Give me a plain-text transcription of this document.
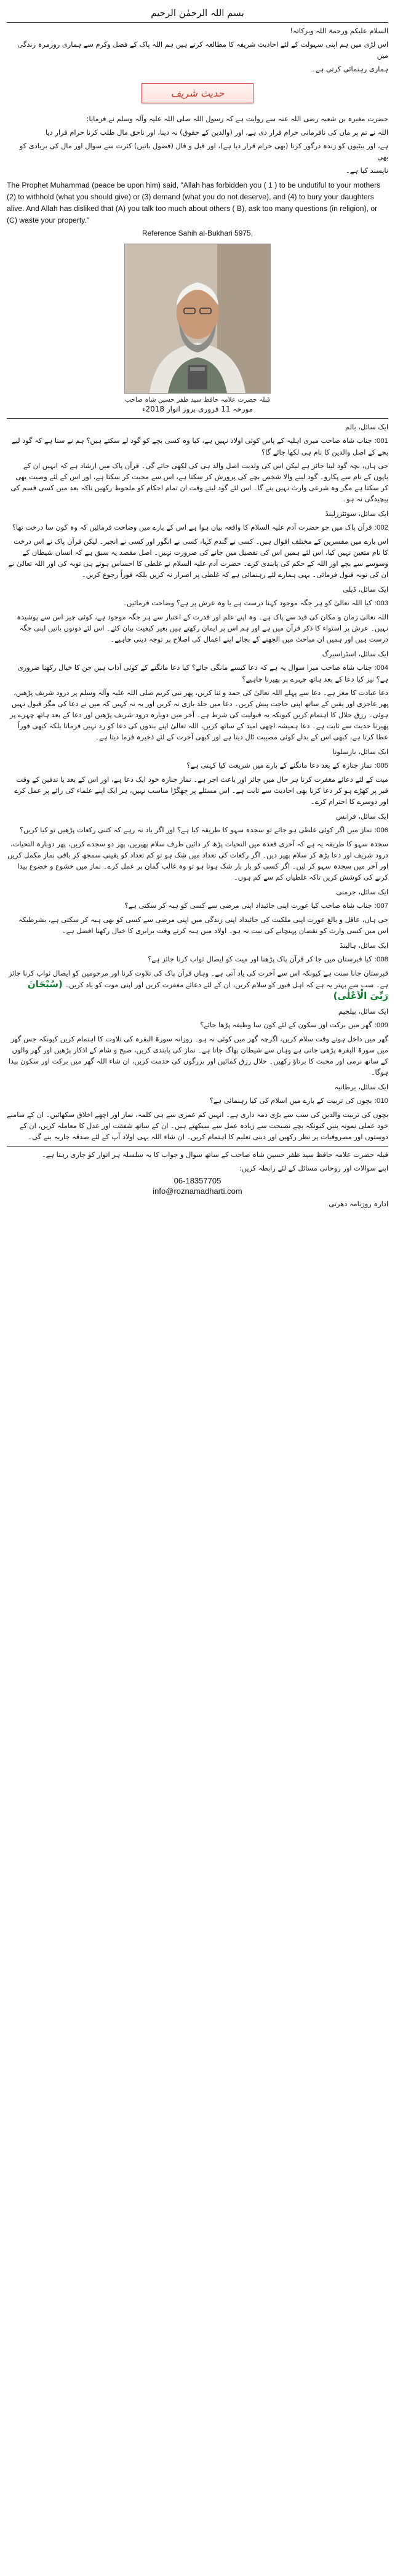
بسم اللہ الرحمٰن الرحیم

السلام علیکم ورحمۃ اللہ وبرکاتہ!

اس لڑی میں ہم اپنی سہولت کے لئے احادیث شریفہ کا مطالعہ کرتے ہیں ہم اللہ پاک کے فضل وکرم سے ہماری روزمرہ زندگی میں

ہماری رہنمائی کرتی ہے۔

حدیث شریف

حضرت مغیرہ بن شعبہ رضی اللہ عنہ سے روایت ہے کہ رسول اللہ صلی اللہ علیہ وآلہ وسلم نے فرمایا:

اللہ نے تم پر ماں کی نافرمانی حرام قرار دی ہے، اور (والدین کے حقوق) نہ دینا، اور ناحق مال طلب کرنا حرام قرار دیا

ہے، اور بیٹیوں کو زندہ درگور کرنا (بھی حرام قرار دیا ہے)، اور قیل و قال (فضول باتیں) کثرت سے سوال اور مال کی بربادی کو بھی

ناپسند کیا ہے۔

The Prophet Muhammad (peace be upon him) said, "Allah has forbidden you ( 1 ) to be undutiful to your mothers (2) to withhold (what you should give) or (3) demand (what you do not deserve), and (4) to bury your daughters alive. And Allah has disliked that (A) you talk too much about others ( B), ask too many questions (in religion), or (C) waste your property."

Reference Sahih al-Bukhari 5975,
قبلہ حضرت علامہ حافظ سید ظفر حسین شاہ صاحب
مورخہ 11 فروری بروز اتوار 2018ء

ایک سائل، بالم

001: جناب شاہ صاحب میری اہلیہ کے پاس کوئی اولاد نہیں ہے، کیا وہ کسی بچے کو گود لے سکتے ہیں؟ ہم نے سنا ہے کہ گود لیے بچے کے اصل والدین کا نام ہی لکھا جائے گا؟

جی ہاں، بچہ گود لینا جائز ہے لیکن اس کی ولدیت اصل والد ہی کی لکھی جائے گی۔ قرآن پاک میں ارشاد ہے کہ انہیں ان کے باپوں کے نام سے پکارو۔ گود لینے والا شخص بچے کی پرورش کر سکتا ہے، اس سے محبت کر سکتا ہے، اور اس کے لئے وصیت بھی کر سکتا ہے مگر وہ شرعی وارث نہیں بنے گا۔ اس لئے گود لیتے وقت ان تمام احکام کو ملحوظ رکھیں تاکہ بعد میں کسی قسم کی پیچیدگی نہ ہو۔

ایک سائل، سوئٹزرلینڈ

002: قرآن پاک میں جو حضرت آدم علیہ السلام کا واقعہ بیان ہوا ہے اس کے بارے میں وضاحت فرمائیں کہ وہ کون سا درخت تھا؟

اس بارے میں مفسرین کے مختلف اقوال ہیں۔ کسی نے گندم کہا، کسی نے انگور اور کسی نے انجیر۔ لیکن قرآن پاک نے اس درخت کا نام متعین نہیں کیا، اس لئے ہمیں اس کی تفصیل میں جانے کی ضرورت نہیں۔ اصل مقصد یہ سبق ہے کہ انسان شیطان کے وسوسے سے بچے اور اللہ کے حکم کی پابندی کرے۔ حضرت آدم علیہ السلام نے غلطی کا احساس ہوتے ہی توبہ کی اور اللہ تعالیٰ نے ان کی توبہ قبول فرمائی۔ یہی ہمارے لئے رہنمائی ہے کہ غلطی پر اصرار نہ کریں بلکہ فوراً رجوع کریں۔

ایک سائل، ڈیلی

003: کیا اللہ تعالیٰ کو ہر جگہ موجود کہنا درست ہے یا وہ عرش پر ہے؟ وضاحت فرمائیں۔

اللہ تعالیٰ زمان و مکان کی قید سے پاک ہے۔ وہ اپنے علم اور قدرت کے اعتبار سے ہر جگہ موجود ہے، کوئی چیز اس سے پوشیدہ نہیں۔ عرش پر استواء کا ذکر قرآن میں ہے اور ہم اس پر ایمان رکھتے ہیں بغیر کیفیت بیان کئے۔ اس لئے دونوں باتیں اپنی جگہ درست ہیں اور ہمیں ان مباحث میں الجھنے کے بجائے اپنے اعمال کی اصلاح پر توجہ دینی چاہیے۔

ایک سائل، اسٹراسبرگ

004: جناب شاہ صاحب میرا سوال یہ ہے کہ دعا کیسے مانگی جائے؟ کیا دعا مانگنے کے کوئی آداب ہیں جن کا خیال رکھنا ضروری ہے؟ نیز کیا دعا کے بعد ہاتھ چہرے پر پھیرنا چاہیے؟

دعا عبادت کا مغز ہے۔ دعا سے پہلے اللہ تعالیٰ کی حمد و ثنا کریں، پھر نبی کریم صلی اللہ علیہ وآلہ وسلم پر درود شریف پڑھیں، پھر عاجزی اور یقین کے ساتھ اپنی حاجت پیش کریں۔ دعا میں جلد بازی نہ کریں اور یہ نہ کہیں کہ میں نے دعا کی مگر قبول نہیں ہوئی۔ رزق حلال کا اہتمام کریں کیونکہ یہ قبولیت کی شرط ہے۔ آخر میں دوبارہ درود شریف پڑھیں اور دعا کے بعد ہاتھ چہرے پر پھیرنا حدیث سے ثابت ہے۔ دعا ہمیشہ اچھی امید کے ساتھ کریں، اللہ تعالیٰ اپنے بندوں کی دعا کو رد نہیں فرماتا بلکہ کبھی فوراً عطا کرتا ہے، کبھی اس کے بدلے کوئی مصیبت ٹال دیتا ہے اور کبھی آخرت کے لئے ذخیرہ فرما دیتا ہے۔

ایک سائل، بارسلونا

005: نماز جنازہ کے بعد دعا مانگنے کے بارے میں شریعت کیا کہتی ہے؟

میت کے لئے دعائے مغفرت کرنا ہر حال میں جائز اور باعث اجر ہے۔ نماز جنازہ خود ایک دعا ہے، اور اس کے بعد یا تدفین کے وقت قبر پر کھڑے ہو کر دعا کرنا بھی احادیث سے ثابت ہے۔ اس مسئلے پر جھگڑا مناسب نہیں، ہر ایک اپنے علماء کی رائے پر عمل کرے اور دوسرے کا احترام کرے۔

ایک سائل، فرانس

006: نماز میں اگر کوئی غلطی ہو جائے تو سجدہ سہو کا طریقہ کیا ہے؟ اور اگر یاد نہ رہے کہ کتنی رکعات پڑھیں تو کیا کریں؟

سجدہ سہو کا طریقہ یہ ہے کہ آخری قعدہ میں التحیات پڑھ کر دائیں طرف سلام پھیریں، پھر دو سجدے کریں، پھر دوبارہ التحیات، درود شریف اور دعا پڑھ کر سلام پھیر دیں۔ اگر رکعات کی تعداد میں شک ہو تو کم تعداد کو یقینی سمجھ کر باقی نماز مکمل کریں اور آخر میں سجدہ سہو کر لیں۔ اگر کسی کو بار بار شک ہوتا ہو تو وہ غالب گمان پر عمل کرے۔ نماز میں خشوع و خضوع پیدا کرنے کی کوشش کریں تاکہ غلطیاں کم سے کم ہوں۔

ایک سائل، جرمنی

007: جناب شاہ صاحب کیا عورت اپنی جائیداد اپنی مرضی سے کسی کو ہبہ کر سکتی ہے؟

جی ہاں، عاقل و بالغ عورت اپنی ملکیت کی جائیداد اپنی زندگی میں اپنی مرضی سے کسی کو بھی ہبہ کر سکتی ہے، بشرطیکہ اس میں کسی وارث کو نقصان پہنچانے کی نیت نہ ہو۔ اولاد میں ہبہ کرتے وقت برابری کا خیال رکھنا افضل ہے۔

ایک سائل، ہالینڈ

008: کیا قبرستان میں جا کر قرآن پاک پڑھنا اور میت کو ایصال ثواب کرنا جائز ہے؟

قبرستان جانا سنت ہے کیونکہ اس سے آخرت کی یاد آتی ہے۔ وہاں قرآن پاک کی تلاوت کرنا اور مرحومین کو ایصال ثواب کرنا جائز ہے۔ سب سے بہتر یہ ہے کہ اہل قبور کو سلام کریں، ان کے لئے دعائے مغفرت کریں اور اپنی موت کو یاد کریں۔ (سُبْحَانَ رَبِّیَ الْاَعْلٰی)

ایک سائل، بیلجیم

009: گھر میں برکت اور سکون کے لئے کون سا وظیفہ پڑھا جائے؟

گھر میں داخل ہوتے وقت سلام کریں، اگرچہ گھر میں کوئی نہ ہو۔ روزانہ سورۃ البقرہ کی تلاوت کا اہتمام کریں کیونکہ جس گھر میں سورۃ البقرہ پڑھی جاتی ہے وہاں سے شیطان بھاگ جاتا ہے۔ نماز کی پابندی کریں، صبح و شام کے اذکار پڑھیں اور گھر والوں کے ساتھ نرمی اور محبت کا برتاؤ رکھیں۔ حلال رزق کمائیں اور بزرگوں کی خدمت کریں، ان شاء اللہ گھر میں برکت اور سکون پیدا ہوگا۔

ایک سائل، برطانیہ

010: بچوں کی تربیت کے بارے میں اسلام کی کیا رہنمائی ہے؟

بچوں کی تربیت والدین کی سب سے بڑی ذمہ داری ہے۔ انہیں کم عمری سے ہی کلمہ، نماز اور اچھے اخلاق سکھائیں۔ ان کے سامنے خود عملی نمونہ بنیں کیونکہ بچے نصیحت سے زیادہ عمل سے سیکھتے ہیں۔ ان کے ساتھ شفقت اور عدل کا معاملہ کریں، ان کے دوستوں اور مصروفیات پر نظر رکھیں اور دینی تعلیم کا اہتمام کریں۔ ان شاء اللہ یہی اولاد آپ کے لئے صدقہ جاریہ بنے گی۔

قبلہ حضرت علامہ حافظ سید ظفر حسین شاہ صاحب کے ساتھ سوال و جواب کا یہ سلسلہ ہر اتوار کو جاری رہتا ہے۔

اپنے سوالات اور روحانی مسائل کے لئے رابطہ کریں:

06-18357705
info@roznamadharti.com

ادارہ روزنامہ دھرتی
